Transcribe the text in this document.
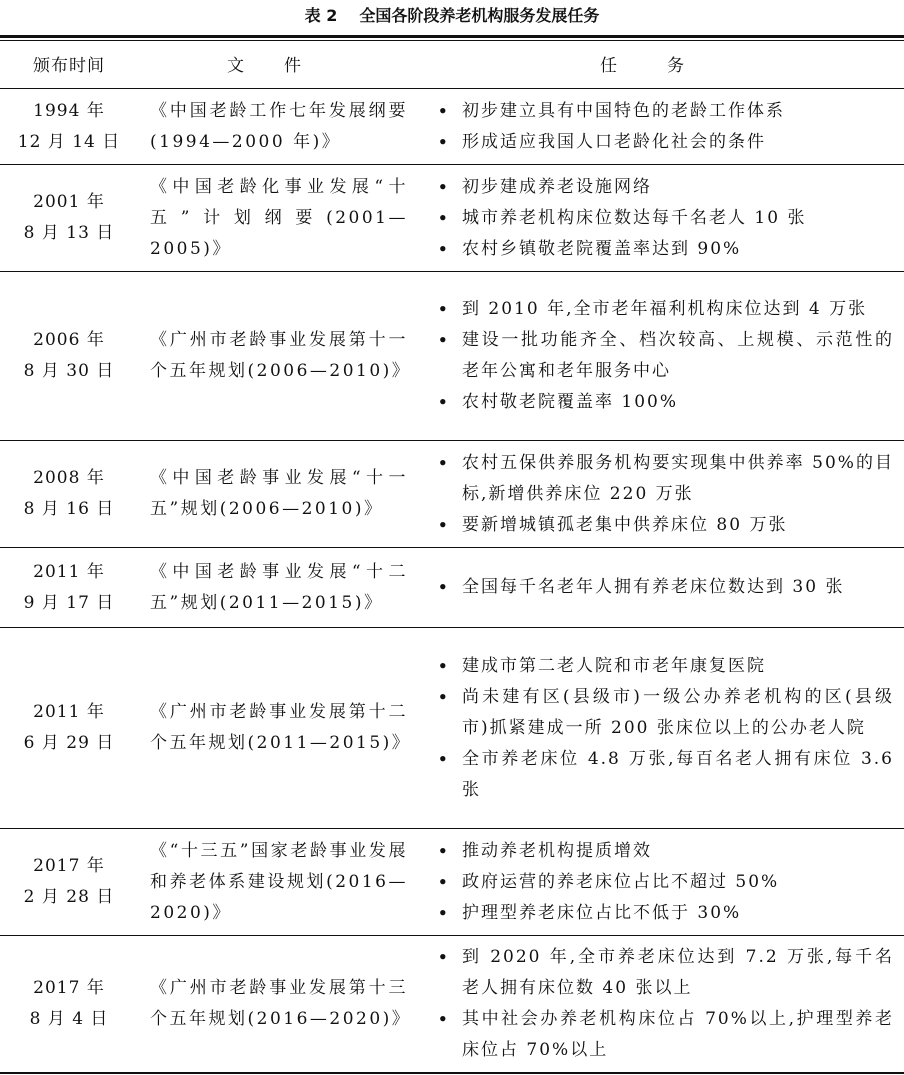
表 2 全国各阶段养老机构服务发展任务
颁布时间	文件	任务
1994 年
12 月 14 日
《中国老龄工作七年发展纲要(1994—2000 年)》
• 初步建立具有中国特色的老龄工作体系
• 形成适应我国人口老龄化社会的条件
2001 年
8 月 13 日
《中国老龄化事业发展“十五”计划纲要(2001—2005)》
• 初步建成养老设施网络
• 城市养老机构床位数达每千名老人 10 张
• 农村乡镇敬老院覆盖率达到 90%
2006 年
8 月 30 日
《广州市老龄事业发展第十一个五年规划(2006—2010)》
• 到 2010 年,全市老年福利机构床位达到 4 万张
• 建设一批功能齐全、档次较高、上规模、示范性的老年公寓和老年服务中心
• 农村敬老院覆盖率 100%
2008 年
8 月 16 日
《中国老龄事业发展“十一五”规划(2006—2010)》
• 农村五保供养服务机构要实现集中供养率 50%的目标,新增供养床位 220 万张
• 要新增城镇孤老集中供养床位 80 万张
2011 年
9 月 17 日
《中国老龄事业发展“十二五”规划(2011—2015)》
• 全国每千名老年人拥有养老床位数达到 30 张
2011 年
6 月 29 日
《广州市老龄事业发展第十二个五年规划(2011—2015)》
• 建成市第二老人院和市老年康复医院
• 尚未建有区(县级市)一级公办养老机构的区(县级市)抓紧建成一所 200 张床位以上的公办老人院
• 全市养老床位 4.8 万张,每百名老人拥有床位 3.6 张
2017 年
2 月 28 日
《“十三五”国家老龄事业发展和养老体系建设规划(2016—2020)》
• 推动养老机构提质增效
• 政府运营的养老床位占比不超过 50%
• 护理型养老床位占比不低于 30%
2017 年
8 月 4 日
《广州市老龄事业发展第十三个五年规划(2016—2020)》
• 到 2020 年,全市养老床位达到 7.2 万张,每千名老人拥有床位数 40 张以上
• 其中社会办养老机构床位占 70%以上,护理型养老床位占 70%以上
